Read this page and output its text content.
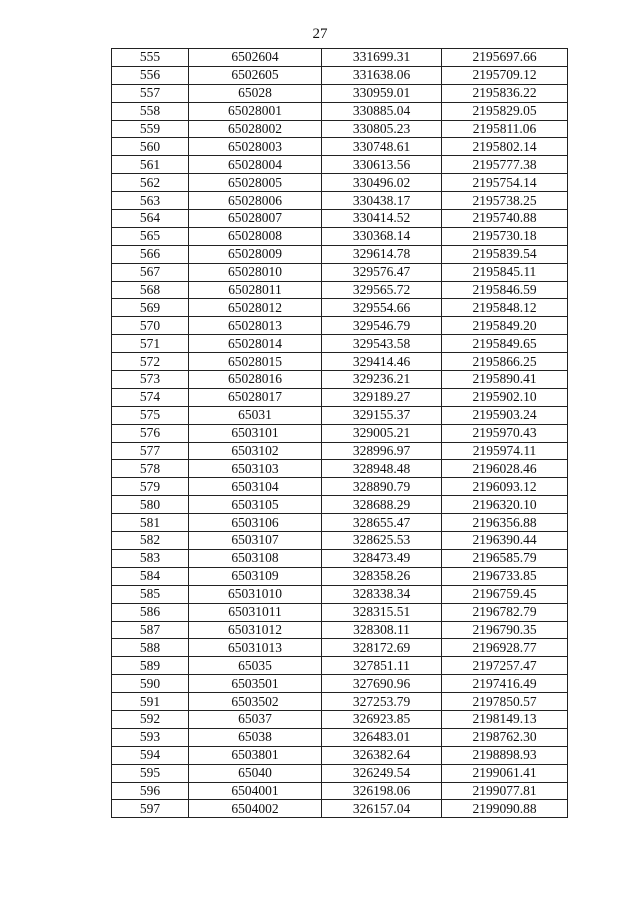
27
555	6502604	331699.31	2195697.66
556	6502605	331638.06	2195709.12
557	65028	330959.01	2195836.22
558	65028001	330885.04	2195829.05
559	65028002	330805.23	2195811.06
560	65028003	330748.61	2195802.14
561	65028004	330613.56	2195777.38
562	65028005	330496.02	2195754.14
563	65028006	330438.17	2195738.25
564	65028007	330414.52	2195740.88
565	65028008	330368.14	2195730.18
566	65028009	329614.78	2195839.54
567	65028010	329576.47	2195845.11
568	65028011	329565.72	2195846.59
569	65028012	329554.66	2195848.12
570	65028013	329546.79	2195849.20
571	65028014	329543.58	2195849.65
572	65028015	329414.46	2195866.25
573	65028016	329236.21	2195890.41
574	65028017	329189.27	2195902.10
575	65031	329155.37	2195903.24
576	6503101	329005.21	2195970.43
577	6503102	328996.97	2195974.11
578	6503103	328948.48	2196028.46
579	6503104	328890.79	2196093.12
580	6503105	328688.29	2196320.10
581	6503106	328655.47	2196356.88
582	6503107	328625.53	2196390.44
583	6503108	328473.49	2196585.79
584	6503109	328358.26	2196733.85
585	65031010	328338.34	2196759.45
586	65031011	328315.51	2196782.79
587	65031012	328308.11	2196790.35
588	65031013	328172.69	2196928.77
589	65035	327851.11	2197257.47
590	6503501	327690.96	2197416.49
591	6503502	327253.79	2197850.57
592	65037	326923.85	2198149.13
593	65038	326483.01	2198762.30
594	6503801	326382.64	2198898.93
595	65040	326249.54	2199061.41
596	6504001	326198.06	2199077.81
597	6504002	326157.04	2199090.88
